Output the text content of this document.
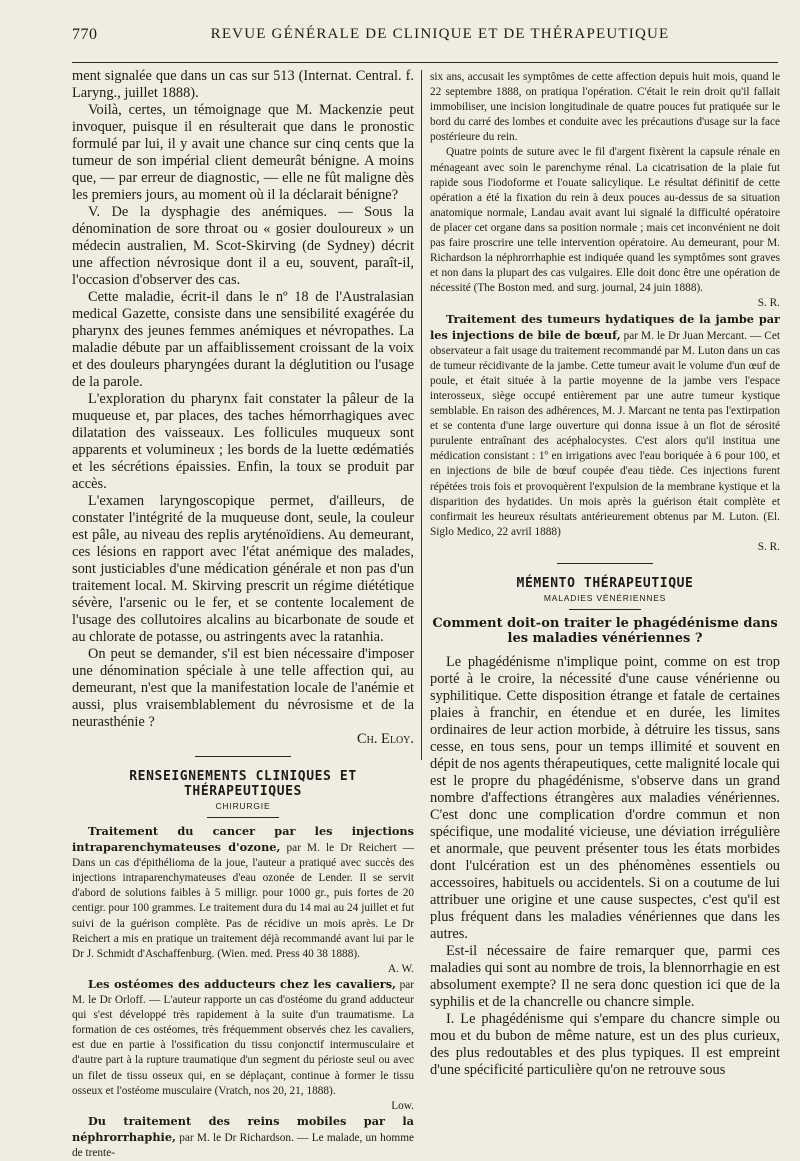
770	REVUE GÉNÉRALE DE CLINIQUE ET DE THÉRAPEUTIQUE

ment signalée que dans un cas sur 513 (Internat. Central. f. Laryng., juillet 1888).

Voilà, certes, un témoignage que M. Mackenzie peut invoquer, puisque il en résulterait que dans le pronostic formulé par lui, il y avait une chance sur cinq cents que la tumeur de son impérial client demeurât bénigne. A moins que, — par erreur de diagnostic, — elle ne fût maligne dès les premiers jours, au moment où il la déclarait bénigne?

V. De la dysphagie des anémiques. — Sous la dénomination de sore throat ou « gosier douloureux » un médecin australien, M. Scot-Skirving (de Sydney) décrit une affection névrosique dont il a eu, souvent, paraît-il, l'occasion d'observer des cas.

Cette maladie, écrit-il dans le nº 18 de l'Australasian medical Gazette, consiste dans une sensibilité exagérée du pharynx des jeunes femmes anémiques et névropathes. La maladie débute par un affaiblissement croissant de la voix et des douleurs pharyngées durant la déglutition ou l'usage de la parole.

L'exploration du pharynx fait constater la pâleur de la muqueuse et, par places, des taches hémorrhagiques avec dilatation des vaisseaux. Les follicules muqueux sont apparents et volumineux ; les bords de la luette œdématiés et les sécrétions épaissies. Enfin, la toux se produit par accès.

L'examen laryngoscopique permet, d'ailleurs, de constater l'intégrité de la muqueuse dont, seule, la couleur est pâle, au niveau des replis aryténoïdiens. Au demeurant, ces lésions en rapport avec l'état anémique des malades, sont justiciables d'une médication générale et non pas d'un traitement local. M. Skirving prescrit un régime diététique sévère, l'arsenic ou le fer, et se contente localement de l'usage des collutoires alcalins au bicarbonate de soude et au chlorate de potasse, ou astringents avec la ratanhia.

On peut se demander, s'il est bien nécessaire d'imposer une dénomination spéciale à une telle affection qui, au demeurant, n'est que la manifestation locale de l'anémie et aussi, plus vraisemblablement du névrosisme et de la neurasthénie ?
Ch. Eloy.

RENSEIGNEMENTS CLINIQUES ET THÉRAPEUTIQUES
CHIRURGIE

Traitement du cancer par les injections intraparenchymateuses d'ozone, par M. le Dr Reichert — Dans un cas d'épithélioma de la joue, l'auteur a pratiqué avec succès des injections intraparenchymateuses d'eau ozonée de Lender. Il se servit d'abord de solutions faibles à 5 milligr. pour 1000 gr., puis fortes de 20 centigr. pour 100 grammes. Le traitement dura du 14 mai au 24 juillet et fut suivi de la guérison complète. Pas de récidive un mois après. Le Dr Reichert a mis en pratique un traitement déjà recommandé avant lui par le Dr J. Schmidt d'Aschaffenburg. (Wien. med. Press 40 38 1888).
A. W.

Les ostéomes des adducteurs chez les cavaliers, par M. le Dr Orloff. — L'auteur rapporte un cas d'ostéome du grand adducteur qui s'est développé très rapidement à la suite d'un traumatisme. La formation de ces ostéomes, très fréquemment observés chez les cavaliers, est due en partie à l'ossification du tissu conjonctif intermusculaire et d'autre part à la rupture traumatique d'un segment du périoste seul ou avec un filet de tissu osseux qui, en se déplaçant, continue à former le tissu osseux et l'ostéome musculaire (Vratch, nos 20, 21, 1888).
Low.

Du traitement des reins mobiles par la néphrorrhaphie, par M. le Dr Richardson. — Le malade, un homme de trente-

six ans, accusait les symptômes de cette affection depuis huit mois, quand le 22 septembre 1888, on pratiqua l'opération. C'était le rein droit qu'il fallait immobiliser, une incision longitudinale de quatre pouces fut pratiquée sur le bord du carré des lombes et conduite avec les précautions d'usage sur la face postérieure du rein.

Quatre points de suture avec le fil d'argent fixèrent la capsule rénale en ménageant avec soin le parenchyme rénal. La cicatrisation de la plaie fut rapide sous l'iodoforme et l'ouate salicylique. Le résultat définitif de cette opération a été la fixation du rein à deux pouces au-dessus de sa situation anatomique normale, Landau avait avant lui signalé la difficulté opératoire de placer cet organe dans sa position normale ; mais cet inconvénient ne doit pas faire proscrire une telle intervention opératoire. Au demeurant, pour M. Richardson la néphrorrhaphie est indiquée quand les symptômes sont graves et non dans la plupart des cas vulgaires. Elle doit donc être une opération de nécessité (The Boston med. and surg. journal, 24 juin 1888).
S. R.

Traitement des tumeurs hydatiques de la jambe par les injections de bile de bœuf, par M. le Dr Juan Mercant. — Cet observateur a fait usage du traitement recommandé par M. Luton dans un cas de tumeur récidivante de la jambe. Cette tumeur avait le volume d'un œuf de poule, et était située à la partie moyenne de la jambe vers l'espace interosseux, siège occupé entièrement par une autre tumeur kystique semblable. En raison des adhérences, M. J. Marcant ne tenta pas l'extirpation et se contenta d'une large ouverture qui donna issue à un flot de sérosité purulente entraînant des acéphalocystes. C'est alors qu'il institua une médication consistant : 1º en irrigations avec l'eau boriquée à 6 pour 100, et en injections de bile de bœuf coupée d'eau tiède. Ces injections furent répétées trois fois et provoquèrent l'expulsion de la membrane kystique et la disparition des hydatides. Un mois après la guérison était complète et confirmait les heureux résultats antérieurement obtenus par M. Luton. (El. Siglo Medico, 22 avril 1888)
S. R.

MÉMENTO THÉRAPEUTIQUE
MALADIES VÉNÉRIENNES
Comment doit-on traiter le phagédénisme dans les maladies vénériennes ?

Le phagédénisme n'implique point, comme on est trop porté à le croire, la nécessité d'une cause vénérienne ou syphilitique. Cette disposition étrange et fatale de certaines plaies à franchir, en étendue et en durée, les limites ordinaires de leur action morbide, à détruire les tissus, sans cesse, en tous sens, pour un temps illimité et souvent en dépit de nos agents thérapeutiques, cette malignité locale qui est le propre du phagédénisme, s'observe dans un grand nombre d'affections étrangères aux maladies vénériennes. C'est donc une complication d'ordre commun et non spécifique, une modalité vicieuse, une déviation irrégulière et anormale, que peuvent présenter tous les états morbides dont l'ulcération est un des phénomènes essentiels ou accessoires, habituels ou accidentels. Si on a coutume de lui attribuer une origine et une cause suspectes, c'est qu'il est plus fréquent dans les maladies vénériennes que dans les autres.

Est-il nécessaire de faire remarquer que, parmi ces maladies qui sont au nombre de trois, la blennorrhagie en est absolument exempte? Il ne sera donc question ici que de la syphilis et de la chancrelle ou chancre simple.

I. Le phagédénisme qui s'empare du chancre simple ou mou et du bubon de même nature, est un des plus curieux, des plus redoutables et des plus typiques. Il est empreint d'une spécificité particulière qu'on ne retrouve sous
